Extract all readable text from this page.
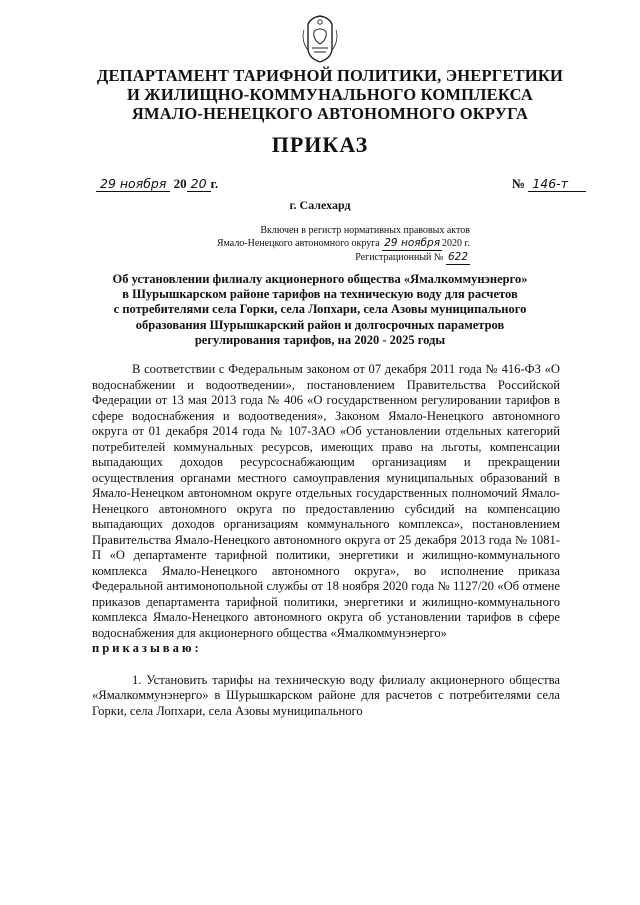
ДЕПАРТАМЕНТ ТАРИФНОЙ ПОЛИТИКИ, ЭНЕРГЕТИКИ
И ЖИЛИЩНО-КОММУНАЛЬНОГО КОМПЛЕКСА
ЯМАЛО-НЕНЕЦКОГО АВТОНОМНОГО ОКРУГА
ПРИКАЗ
29 ноября 20 20 г.	№ 146-т
г. Салехард
Включен в регистр нормативных правовых актов
Ямало-Ненецкого автономного округа 29 ноября 2020 г.
Регистрационный № 622
Об установлении филиалу акционерного общества «Ямалкоммунэнерго»
в Шурышкарском районе тарифов на техническую воду для расчетов
с потребителями села Горки, села Лопхари, села Азовы муниципального
образования Шурышкарский район и долгосрочных параметров
регулирования тарифов, на 2020 - 2025 годы

В соответствии с Федеральным законом от 07 декабря 2011 года № 416-ФЗ «О водоснабжении и водоотведении», постановлением Правительства Российской Федерации от 13 мая 2013 года № 406 «О государственном регулировании тарифов в сфере водоснабжения и водоотведения», Законом Ямало-Ненецкого автономного округа от 01 декабря 2014 года № 107-ЗАО «Об установлении отдельных категорий потребителей коммунальных ресурсов, имеющих право на льготы, компенсации выпадающих доходов ресурсоснабжающим организациям и прекращении осуществления органами местного самоуправления муниципальных образований в Ямало-Ненецком автономном округе отдельных государственных полномочий Ямало-Ненецкого автономного округа по предоставлению субсидий на компенсацию выпадающих доходов организациям коммунального комплекса», постановлением Правительства Ямало-Ненецкого автономного округа от 25 декабря 2013 года № 1081-П «О департаменте тарифной политики, энергетики и жилищно-коммунального комплекса Ямало-Ненецкого автономного округа», во исполнение приказа Федеральной антимонопольной службы от 18 ноября 2020 года № 1127/20 «Об отмене приказов департамента тарифной политики, энергетики и жилищно-коммунального комплекса Ямало-Ненецкого автономного округа об установлении тарифов в сфере водоснабжения для акционерного общества «Ямалкоммунэнерго»

приказываю:

1. Установить тарифы на техническую воду филиалу акционерного общества «Ямалкоммунэнерго» в Шурышкарском районе для расчетов с потребителями села Горки, села Лопхари, села Азовы муниципального
